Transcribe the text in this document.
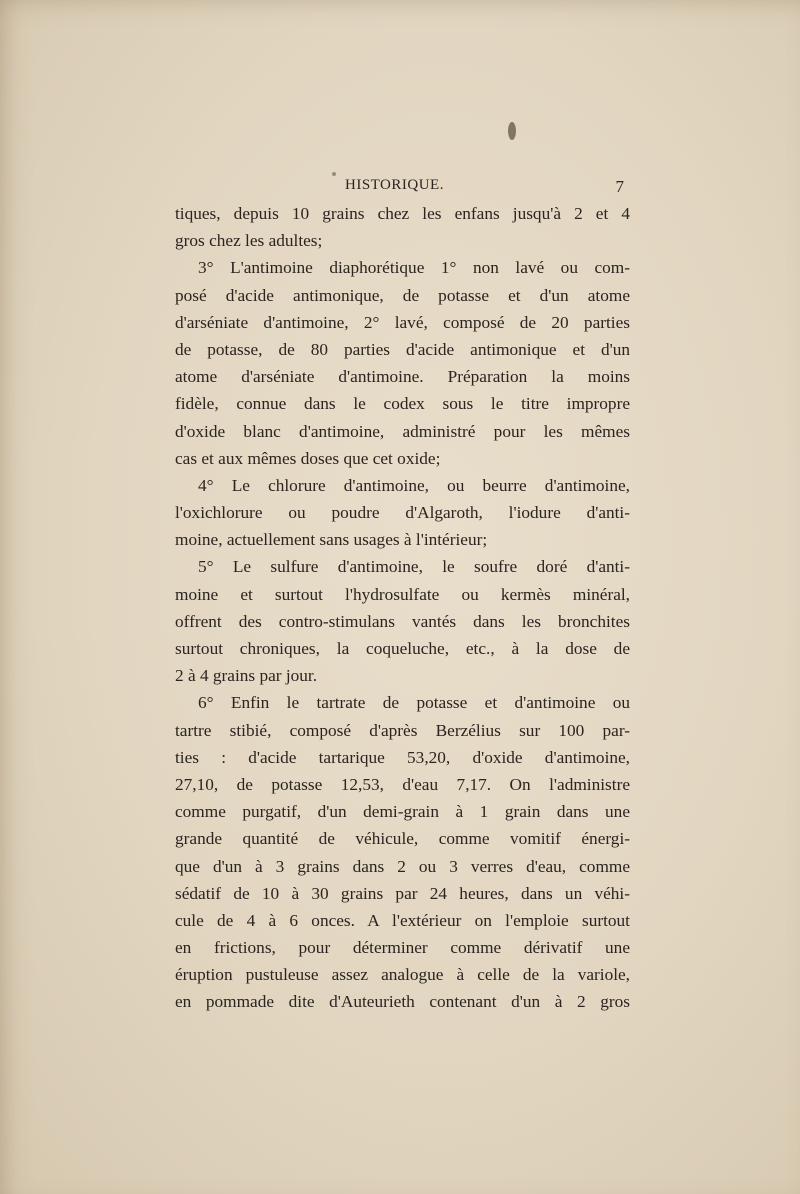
HISTORIQUE.	7
tiques, depuis 10 grains chez les enfans jusqu'à 2 et 4
gros chez les adultes;
3° L'antimoine diaphorétique 1° non lavé ou com-
posé d'acide antimonique, de potasse et d'un atome
d'arséniate d'antimoine, 2° lavé, composé de 20 parties
de potasse, de 80 parties d'acide antimonique et d'un
atome d'arséniate d'antimoine. Préparation la moins
fidèle, connue dans le codex sous le titre impropre
d'oxide blanc d'antimoine, administré pour les mêmes
cas et aux mêmes doses que cet oxide;
4° Le chlorure d'antimoine, ou beurre d'antimoine,
l'oxichlorure ou poudre d'Algaroth, l'iodure d'anti-
moine, actuellement sans usages à l'intérieur;
5° Le sulfure d'antimoine, le soufre doré d'anti-
moine et surtout l'hydrosulfate ou kermès minéral,
offrent des contro-stimulans vantés dans les bronchites
surtout chroniques, la coqueluche, etc., à la dose de
2 à 4 grains par jour.
6° Enfin le tartrate de potasse et d'antimoine ou
tartre stibié, composé d'après Berzélius sur 100 par-
ties : d'acide tartarique 53,20, d'oxide d'antimoine,
27,10, de potasse 12,53, d'eau 7,17. On l'administre
comme purgatif, d'un demi-grain à 1 grain dans une
grande quantité de véhicule, comme vomitif énergi-
que d'un à 3 grains dans 2 ou 3 verres d'eau, comme
sédatif de 10 à 30 grains par 24 heures, dans un véhi-
cule de 4 à 6 onces. A l'extérieur on l'emploie surtout
en frictions, pour déterminer comme dérivatif une
éruption pustuleuse assez analogue à celle de la variole,
en pommade dite d'Auteurieth contenant d'un à 2 gros
